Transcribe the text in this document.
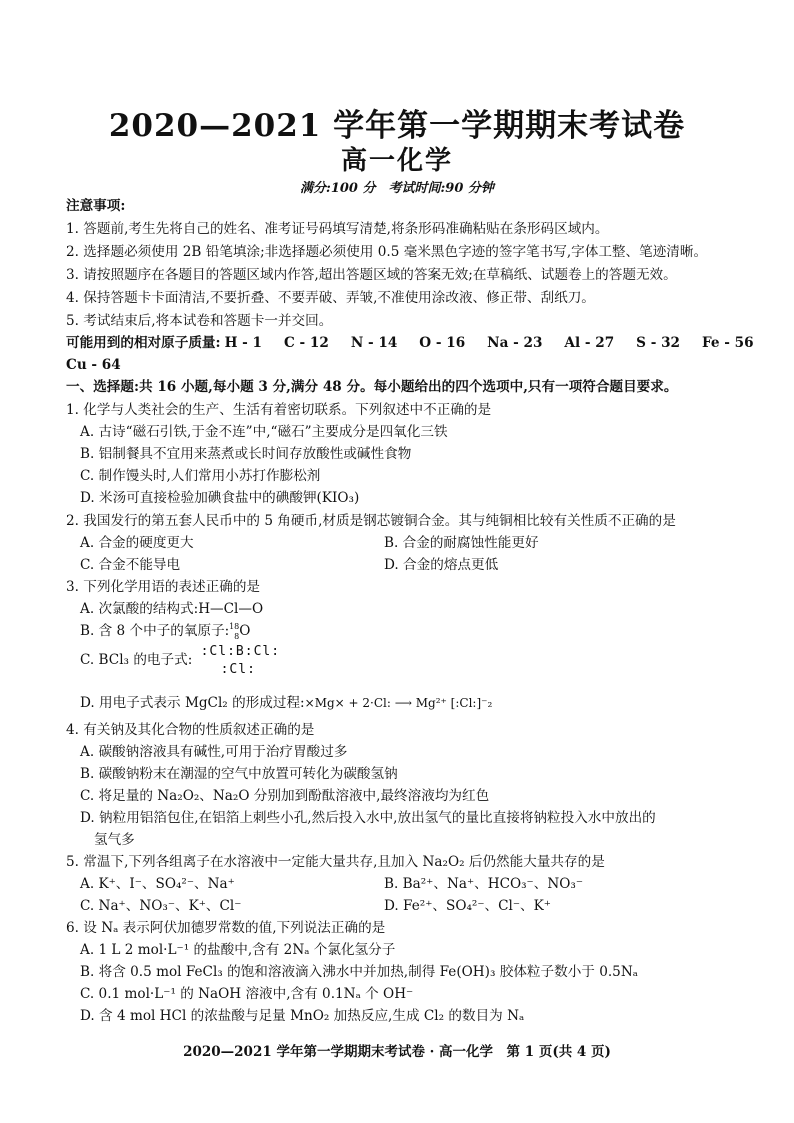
2020—2021 学年第一学期期末考试卷
高一化学
满分:100 分　考试时间:90 分钟
注意事项:
1. 答题前,考生先将自己的姓名、准考证号码填写清楚,将条形码准确粘贴在条形码区域内。
2. 选择题必须使用 2B 铅笔填涂;非选择题必须使用 0.5 毫米黑色字迹的签字笔书写,字体工整、笔迹清晰。
3. 请按照题序在各题目的答题区域内作答,超出答题区域的答案无效;在草稿纸、试题卷上的答题无效。
4. 保持答题卡卡面清洁,不要折叠、不要弄破、弄皱,不准使用涂改液、修正带、刮纸刀。
5. 考试结束后,将本试卷和答题卡一并交回。
可能用到的相对原子质量: H - 1 C - 12 N - 14 O - 16 Na - 23 Al - 27 S - 32 Fe - 56
Cu - 64
一、选择题:共 16 小题,每小题 3 分,满分 48 分。每小题给出的四个选项中,只有一项符合题目要求。
1. 化学与人类社会的生产、生活有着密切联系。下列叙述中不正确的是
A. 古诗“磁石引铁,于金不连”中,“磁石”主要成分是四氧化三铁
B. 铝制餐具不宜用来蒸煮或长时间存放酸性或碱性食物
C. 制作馒头时,人们常用小苏打作膨松剂
D. 米汤可直接检验加碘食盐中的碘酸钾(KIO₃)
2. 我国发行的第五套人民币中的 5 角硬币,材质是钢芯镀铜合金。其与纯铜相比较有关性质不正确的是
A. 合金的硬度更大	B. 合金的耐腐蚀性能更好
C. 合金不能导电	D. 合金的熔点更低
3. 下列化学用语的表述正确的是
A. 次氯酸的结构式:H—Cl—O
B. 含 8 个中子的氧原子: 18
8 O
C. BCl₃ 的电子式:
:Cl:B:Cl:
:Cl:
D. 用电子式表示 MgCl₂ 的形成过程:×Mg× + 2·Cl: ⟶ Mg²⁺ [:Cl:]⁻₂
4. 有关钠及其化合物的性质叙述正确的是
A. 碳酸钠溶液具有碱性,可用于治疗胃酸过多
B. 碳酸钠粉末在潮湿的空气中放置可转化为碳酸氢钠
C. 将足量的 Na₂O₂、Na₂O 分别加到酚酞溶液中,最终溶液均为红色
D. 钠粒用铝箔包住,在铝箔上刺些小孔,然后投入水中,放出氢气的量比直接将钠粒投入水中放出的
氢气多
5. 常温下,下列各组离子在水溶液中一定能大量共存,且加入 Na₂O₂ 后仍然能大量共存的是
A. K⁺、I⁻、SO₄²⁻、Na⁺	B. Ba²⁺、Na⁺、HCO₃⁻、NO₃⁻
C. Na⁺、NO₃⁻、K⁺、Cl⁻	D. Fe²⁺、SO₄²⁻、Cl⁻、K⁺
6. 设 Nₐ 表示阿伏加德罗常数的值,下列说法正确的是
A. 1 L 2 mol·L⁻¹ 的盐酸中,含有 2Nₐ 个氯化氢分子
B. 将含 0.5 mol FeCl₃ 的饱和溶液滴入沸水中并加热,制得 Fe(OH)₃ 胶体粒子数小于 0.5Nₐ
C. 0.1 mol·L⁻¹ 的 NaOH 溶液中,含有 0.1Nₐ 个 OH⁻
D. 含 4 mol HCl 的浓盐酸与足量 MnO₂ 加热反应,生成 Cl₂ 的数目为 Nₐ
2020—2021 学年第一学期期末考试卷 · 高一化学　第 1 页(共 4 页)
